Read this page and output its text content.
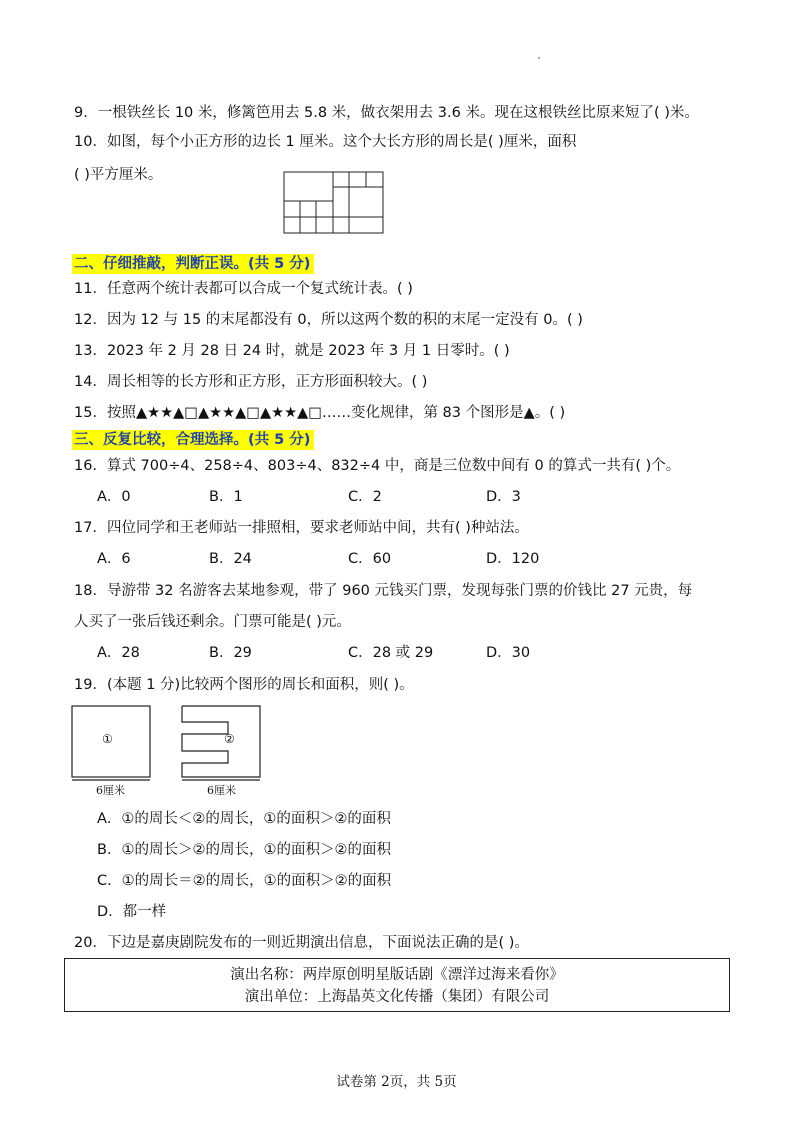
9．一根铁丝长 10 米，修篱笆用去 5.8 米，做衣架用去 3.6 米。现在这根铁丝比原来短了( )米。
10．如图，每个小正方形的边长 1 厘米。这个大长方形的周长是( )厘米，面积
( )平方厘米。
二、仔细推敲，判断正误。(共 5 分)
11．任意两个统计表都可以合成一个复式统计表。( )
12．因为 12 与 15 的末尾都没有 0，所以这两个数的积的末尾一定没有 0。( )
13．2023 年 2 月 28 日 24 时，就是 2023 年 3 月 1 日零时。( )
14．周长相等的长方形和正方形，正方形面积较大。( )
15．按照▲★★▲□▲★★▲□▲★★▲□……变化规律，第 83 个图形是▲。( )
三、反复比较，合理选择。(共 5 分)
16．算式 700÷4、258÷4、803÷4、832÷4 中，商是三位数中间有 0 的算式一共有( )个。
A．0	B．1	C．2	D．3
17．四位同学和王老师站一排照相，要求老师站中间，共有( )种站法。
A．6	B．24	C．60	D．120
18．导游带 32 名游客去某地参观，带了 960 元钱买门票，发现每张门票的价钱比 27 元贵，每
人买了一张后钱还剩余。门票可能是( )元。
A．28	B．29	C．28 或 29	D．30
19．(本题 1 分)比较两个图形的周长和面积，则( )。
①
6厘米
②
6厘米
A．①的周长＜②的周长，①的面积＞②的面积
B．①的周长＞②的周长，①的面积＞②的面积
C．①的周长＝②的周长，①的面积＞②的面积
D．都一样
20．下边是嘉庚剧院发布的一则近期演出信息，下面说法正确的是( )。
演出名称：两岸原创明星版话剧《漂洋过海来看你》
演出单位：上海晶英文化传播（集团）有限公司
试卷第 2页，共 5页
